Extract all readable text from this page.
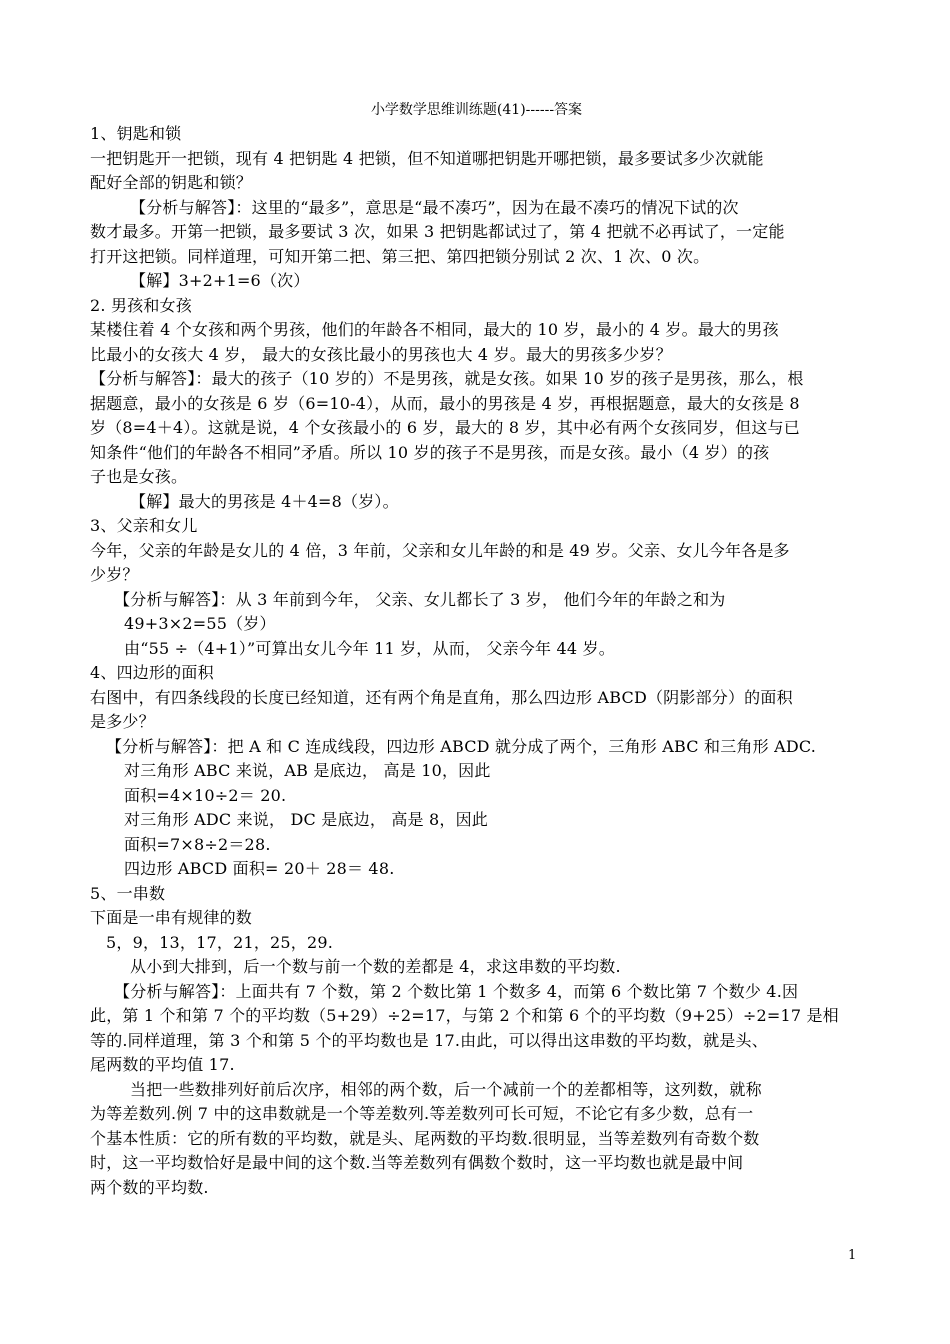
小学数学思维训练题(41)------答案
1、钥匙和锁
一把钥匙开一把锁，现有 4 把钥匙 4 把锁，但不知道哪把钥匙开哪把锁，最多要试多少次就能
配好全部的钥匙和锁？
【分析与解答】：这里的“最多”，意思是“最不凑巧”，因为在最不凑巧的情况下试的次
数才最多。开第一把锁，最多要试 3 次，如果 3 把钥匙都试过了，第 4 把就不必再试了，一定能
打开这把锁。同样道理，可知开第二把、第三把、第四把锁分别试 2 次、1 次、0 次。
【解】3+2+1=6（次）
2. 男孩和女孩
某楼住着 4 个女孩和两个男孩，他们的年龄各不相同，最大的 10 岁，最小的 4 岁。最大的男孩
比最小的女孩大 4 岁， 最大的女孩比最小的男孩也大 4 岁。最大的男孩多少岁？
【分析与解答】：最大的孩子（10 岁的）不是男孩，就是女孩。如果 10 岁的孩子是男孩，那么，根
据题意，最小的女孩是 6 岁（6=10-4），从而，最小的男孩是 4 岁，再根据题意，最大的女孩是 8
岁（8=4＋4）。这就是说，4 个女孩最小的 6 岁，最大的 8 岁，其中必有两个女孩同岁，但这与已
知条件“他们的年龄各不相同”矛盾。所以 10 岁的孩子不是男孩，而是女孩。最小（4 岁）的孩
子也是女孩。
【解】最大的男孩是 4＋4=8（岁）。
3、父亲和女儿
今年，父亲的年龄是女儿的 4 倍，3 年前，父亲和女儿年龄的和是 49 岁。父亲、女儿今年各是多
少岁？
【分析与解答】：从 3 年前到今年， 父亲、女儿都长了 3 岁， 他们今年的年龄之和为
49+3×2=55（岁）
由“55 ÷（4+1）”可算出女儿今年 11 岁，从而， 父亲今年 44 岁。
4、四边形的面积
右图中，有四条线段的长度已经知道，还有两个角是直角，那么四边形 ABCD（阴影部分）的面积
是多少？
【分析与解答】：把 A 和 C 连成线段，四边形 ABCD 就分成了两个，三角形 ABC 和三角形 ADC.
对三角形 ABC 来说，AB 是底边， 高是 10，因此
面积=4×10÷2＝ 20.
对三角形 ADC 来说， DC 是底边， 高是 8，因此
面积=7×8÷2＝28.
四边形 ABCD 面积= 20＋ 28＝ 48.
5、一串数
下面是一串有规律的数
5，9，13，17，21，25，29.
从小到大排到，后一个数与前一个数的差都是 4，求这串数的平均数.
【分析与解答】：上面共有 7 个数，第 2 个数比第 1 个数多 4，而第 6 个数比第 7 个数少 4.因
此，第 1 个和第 7 个的平均数（5+29）÷2=17，与第 2 个和第 6 个的平均数（9+25）÷2=17 是相
等的.同样道理，第 3 个和第 5 个的平均数也是 17.由此，可以得出这串数的平均数，就是头、
尾两数的平均值 17.
当把一些数排列好前后次序，相邻的两个数，后一个减前一个的差都相等，这列数，就称
为等差数列.例 7 中的这串数就是一个等差数列.等差数列可长可短，不论它有多少数，总有一
个基本性质：它的所有数的平均数，就是头、尾两数的平均数.很明显，当等差数列有奇数个数
时，这一平均数恰好是最中间的这个数.当等差数列有偶数个数时，这一平均数也就是最中间
两个数的平均数.
1
